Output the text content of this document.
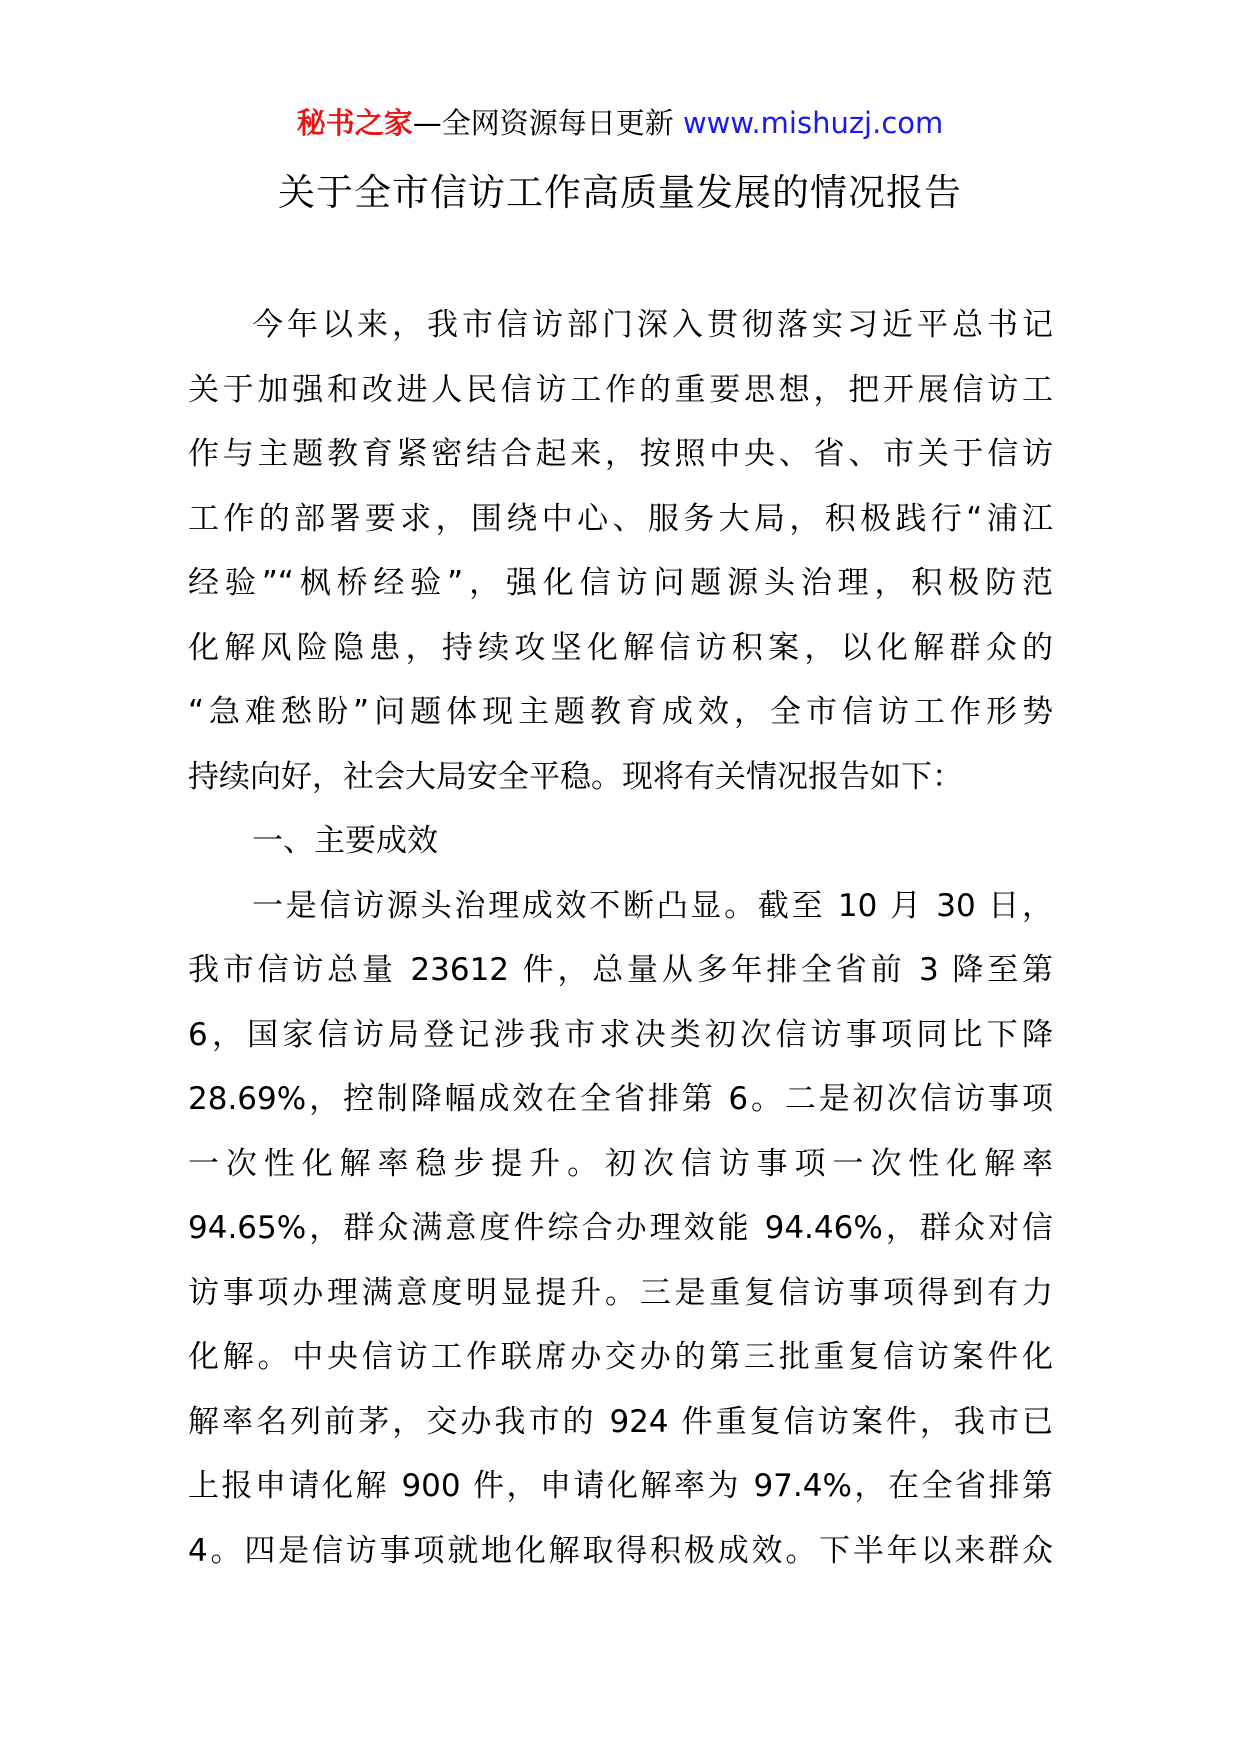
秘书之家—全网资源每日更新 www.mishuzj.com
关于全市信访工作高质量发展的情况报告
今年以来，我市信访部门深入贯彻落实习近平总书记
关于加强和改进人民信访工作的重要思想，把开展信访工
作与主题教育紧密结合起来，按照中央、省、市关于信访
工作的部署要求，围绕中心、服务大局，积极践行“浦江
经验”“枫桥经验”，强化信访问题源头治理，积极防范
化解风险隐患，持续攻坚化解信访积案，以化解群众的
“急难愁盼”问题体现主题教育成效，全市信访工作形势
持续向好，社会大局安全平稳。现将有关情况报告如下：
一、主要成效
一是信访源头治理成效不断凸显。截至 10 月 30 日，
我市信访总量 23612 件，总量从多年排全省前 3 降至第
6，国家信访局登记涉我市求决类初次信访事项同比下降
28.69%，控制降幅成效在全省排第 6。二是初次信访事项
一次性化解率稳步提升。初次信访事项一次性化解率
94.65%，群众满意度件综合办理效能 94.46%，群众对信
访事项办理满意度明显提升。三是重复信访事项得到有力
化解。中央信访工作联席办交办的第三批重复信访案件化
解率名列前茅，交办我市的 924 件重复信访案件，我市已
上报申请化解 900 件，申请化解率为 97.4%，在全省排第
4。四是信访事项就地化解取得积极成效。下半年以来群众
